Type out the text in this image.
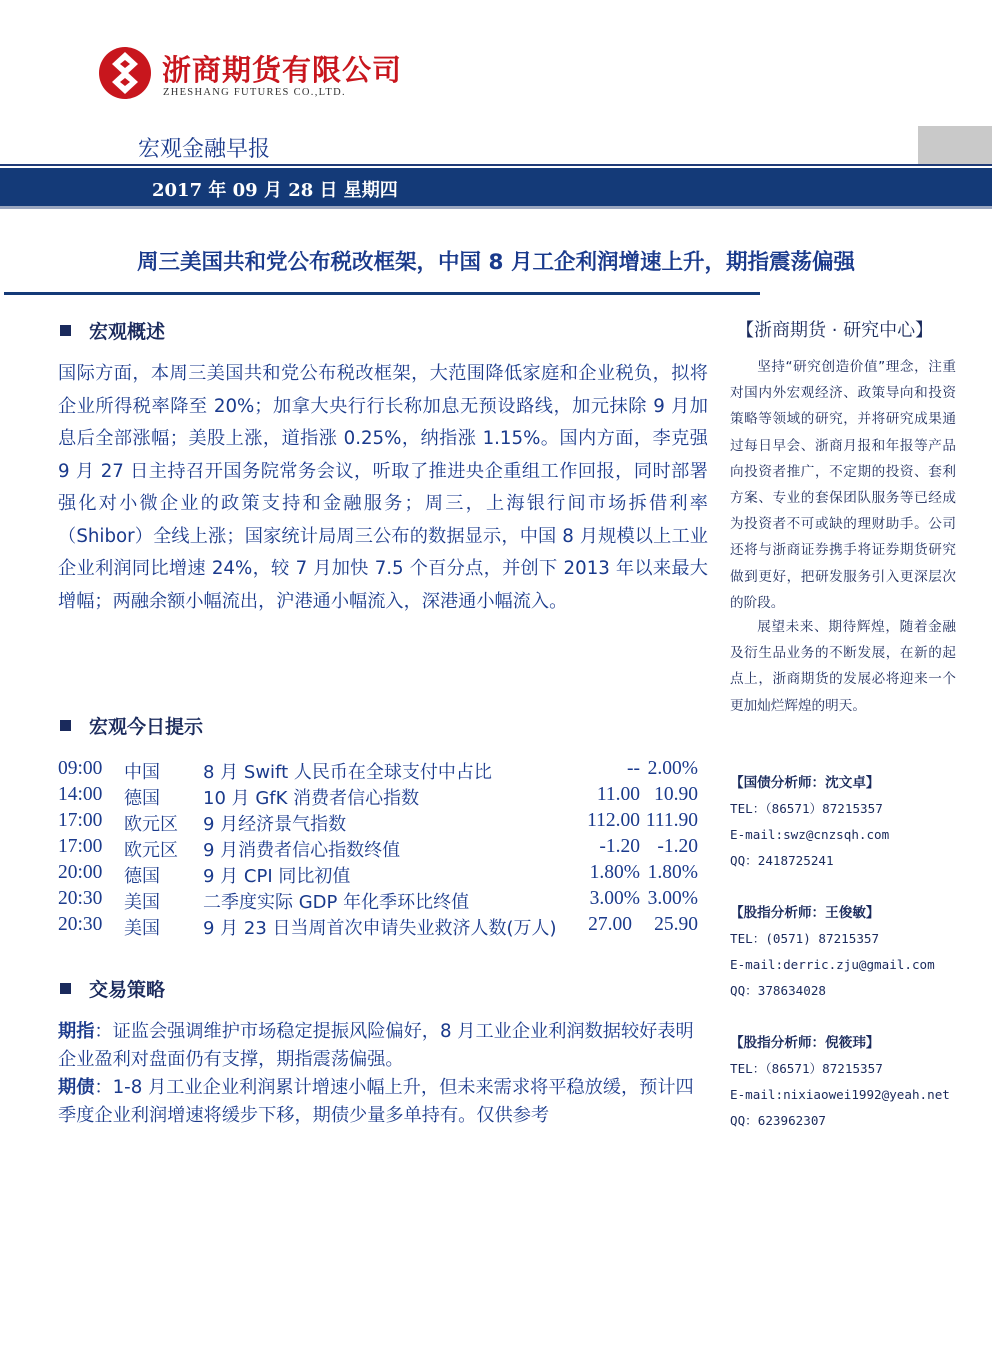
浙商期货有限公司
ZHESHANG FUTURES CO.,LTD.
宏观金融早报
2017 年 09 月 28 日 星期四
周三美国共和党公布税改框架，中国 8 月工企利润增速上升，期指震荡偏强
宏观概述
国际方面，本周三美国共和党公布税改框架，大范围降低家庭和企业税负，拟将企业所得税率降至 20%；加拿大央行行长称加息无预设路线，加元抹除 9 月加息后全部涨幅；美股上涨，道指涨 0.25%，纳指涨 1.15%。国内方面，李克强 9 月 27 日主持召开国务院常务会议，听取了推进央企重组工作回报，同时部署强化对小微企业的政策支持和金融服务；周三，上海银行间市场拆借利率（Shibor）全线上涨；国家统计局周三公布的数据显示，中国 8 月规模以上工业企业利润同比增速 24%，较 7 月加快 7.5 个百分点，并创下 2013 年以来最大增幅；两融余额小幅流出，沪港通小幅流入，深港通小幅流入。
宏观今日提示
09:00 中国 8 月 Swift 人民币在全球支付中占比	-- 2.00%
14:00 德国 10 月 GfK 消费者信心指数	11.00 10.90
17:00 欧元区 9 月经济景气指数	112.00 111.90
17:00 欧元区 9 月消费者信心指数终值	-1.20 -1.20
20:00 德国 9 月 CPI 同比初值	1.80% 1.80%
20:30 美国 二季度实际 GDP 年化季环比终值	3.00% 3.00%
20:30 美国 9 月 23 日当周首次申请失业救济人数(万人) 27.00 25.90
交易策略
期指：证监会强调维护市场稳定提振风险偏好，8 月工业企业利润数据较好表明企业盈利对盘面仍有支撑，期指震荡偏强。
期债：1-8 月工业企业利润累计增速小幅上升，但未来需求将平稳放缓，预计四季度企业利润增速将缓步下移，期债少量多单持有。仅供参考
【浙商期货 · 研究中心】
坚持“研究创造价值”理念，注重对国内外宏观经济、政策导向和投资策略等领域的研究，并将研究成果通过每日早会、浙商月报和年报等产品向投资者推广，不定期的投资、套利方案、专业的套保团队服务等已经成为投资者不可或缺的理财助手。公司还将与浙商证券携手将证券期货研究做到更好，把研发服务引入更深层次的阶段。
展望未来、期待辉煌，随着金融及衍生品业务的不断发展，在新的起点上，浙商期货的发展必将迎来一个更加灿烂辉煌的明天。
【国债分析师：沈文卓】
TEL：（86571）87215357
E-mail:swz@cnzsqh.com
QQ：2418725241
【股指分析师：王俊敏】
TEL：(0571) 87215357
E-mail:derric.zju@gmail.com
QQ：378634028
【股指分析师：倪筱玮】
TEL：（86571）87215357
E-mail:nixiaowei1992@yeah.net
QQ：623962307
